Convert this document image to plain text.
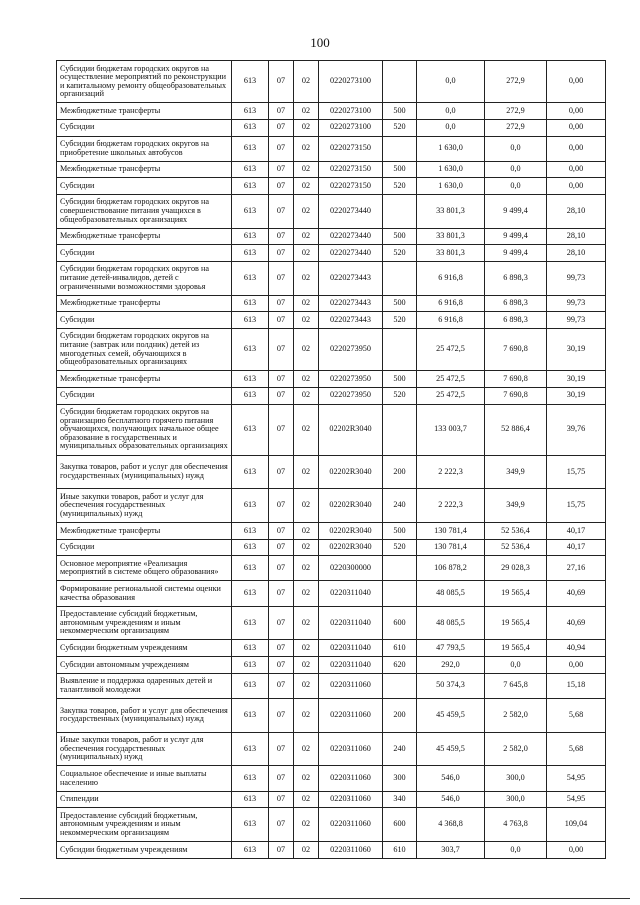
100
Субсидии бюджетам городских округов на осуществление мероприятий по реконструкции и капитальному ремонту общеобразовательных организаций	613	07	02	0220273100		0,0	272,9	0,00
Межбюджетные трансферты	613	07	02	0220273100	500	0,0	272,9	0,00
Субсидии	613	07	02	0220273100	520	0,0	272,9	0,00
Субсидии бюджетам городских округов на приобретение школьных автобусов	613	07	02	0220273150		1 630,0	0,0	0,00
Межбюджетные трансферты	613	07	02	0220273150	500	1 630,0	0,0	0,00
Субсидии	613	07	02	0220273150	520	1 630,0	0,0	0,00
Субсидии бюджетам городских округов на совершенствование питания учащихся в общеобразовательных организациях	613	07	02	0220273440		33 801,3	9 499,4	28,10
Межбюджетные трансферты	613	07	02	0220273440	500	33 801,3	9 499,4	28,10
Субсидии	613	07	02	0220273440	520	33 801,3	9 499,4	28,10
Субсидии бюджетам городских округов на питание детей-инвалидов, детей с ограниченными возможностями здоровья	613	07	02	0220273443		6 916,8	6 898,3	99,73
Межбюджетные трансферты	613	07	02	0220273443	500	6 916,8	6 898,3	99,73
Субсидии	613	07	02	0220273443	520	6 916,8	6 898,3	99,73
Субсидии бюджетам городских округов на питание (завтрак или полдник) детей из многодетных семей, обучающихся в общеобразовательных организациях	613	07	02	0220273950		25 472,5	7 690,8	30,19
Межбюджетные трансферты	613	07	02	0220273950	500	25 472,5	7 690,8	30,19
Субсидии	613	07	02	0220273950	520	25 472,5	7 690,8	30,19
Субсидии бюджетам городских округов на организацию бесплатного горячего питания обучающихся, получающих начальное общее образование в государственных и муниципальных образовательных организациях	613	07	02	02202R3040		133 003,7	52 886,4	39,76
Закупка товаров, работ и услуг для обеспечения государственных (муниципальных) нужд	613	07	02	02202R3040	200	2 222,3	349,9	15,75
Иные закупки товаров, работ и услуг для обеспечения государственных (муниципальных) нужд	613	07	02	02202R3040	240	2 222,3	349,9	15,75
Межбюджетные трансферты	613	07	02	02202R3040	500	130 781,4	52 536,4	40,17
Субсидии	613	07	02	02202R3040	520	130 781,4	52 536,4	40,17
Основное мероприятие «Реализация мероприятий в системе общего образования»	613	07	02	0220300000		106 878,2	29 028,3	27,16
Формирование региональной системы оценки качества образования	613	07	02	0220311040		48 085,5	19 565,4	40,69
Предоставление субсидий бюджетным, автономным учреждениям и иным некоммерческим организациям	613	07	02	0220311040	600	48 085,5	19 565,4	40,69
Субсидии бюджетным учреждениям	613	07	02	0220311040	610	47 793,5	19 565,4	40,94
Субсидии автономным учреждениям	613	07	02	0220311040	620	292,0	0,0	0,00
Выявление и поддержка одаренных детей и талантливой молодежи	613	07	02	0220311060		50 374,3	7 645,8	15,18
Закупка товаров, работ и услуг для обеспечения государственных (муниципальных) нужд	613	07	02	0220311060	200	45 459,5	2 582,0	5,68
Иные закупки товаров, работ и услуг для обеспечения государственных (муниципальных) нужд	613	07	02	0220311060	240	45 459,5	2 582,0	5,68
Социальное обеспечение и иные выплаты населению	613	07	02	0220311060	300	546,0	300,0	54,95
Стипендии	613	07	02	0220311060	340	546,0	300,0	54,95
Предоставление субсидий бюджетным, автономным учреждениям и иным некоммерческим организациям	613	07	02	0220311060	600	4 368,8	4 763,8	109,04
Субсидии бюджетным учреждениям	613	07	02	0220311060	610	303,7	0,0	0,00
